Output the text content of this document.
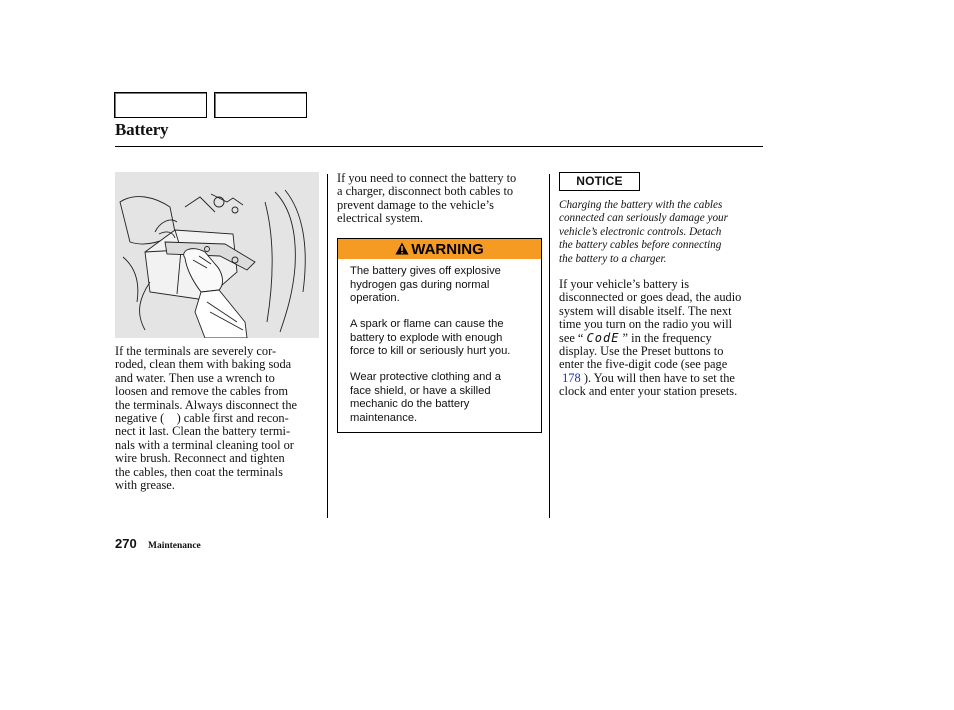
Battery
If the terminals are severely cor-
roded, clean them with baking soda
and water. Then use a wrench to
loosen and remove the cables from
the terminals. Always disconnect the
negative (    ) cable first and recon-
nect it last. Clean the battery termi-
nals with a terminal cleaning tool or
wire brush. Reconnect and tighten
the cables, then coat the terminals
with grease.
If you need to connect the battery to
a charger, disconnect both cables to
prevent damage to the vehicle’s
electrical system.
WARNING
The battery gives off explosive
hydrogen gas during normal
operation.
A spark or flame can cause the
battery to explode with enough
force to kill or seriously hurt you.
Wear protective clothing and a
face shield, or have a skilled
mechanic do the battery
maintenance.
NOTICE
Charging the battery with the cables
connected can seriously damage your
vehicle’s electronic controls. Detach
the battery cables before connecting
the battery to a charger.
If your vehicle’s battery is
disconnected or goes dead, the audio
system will disable itself. The next
time you turn on the radio you will
see “ CodE ” in the frequency
display. Use the Preset buttons to
enter the five-digit code (see page
178 ). You will then have to set the
clock and enter your station presets.
270 Maintenance
